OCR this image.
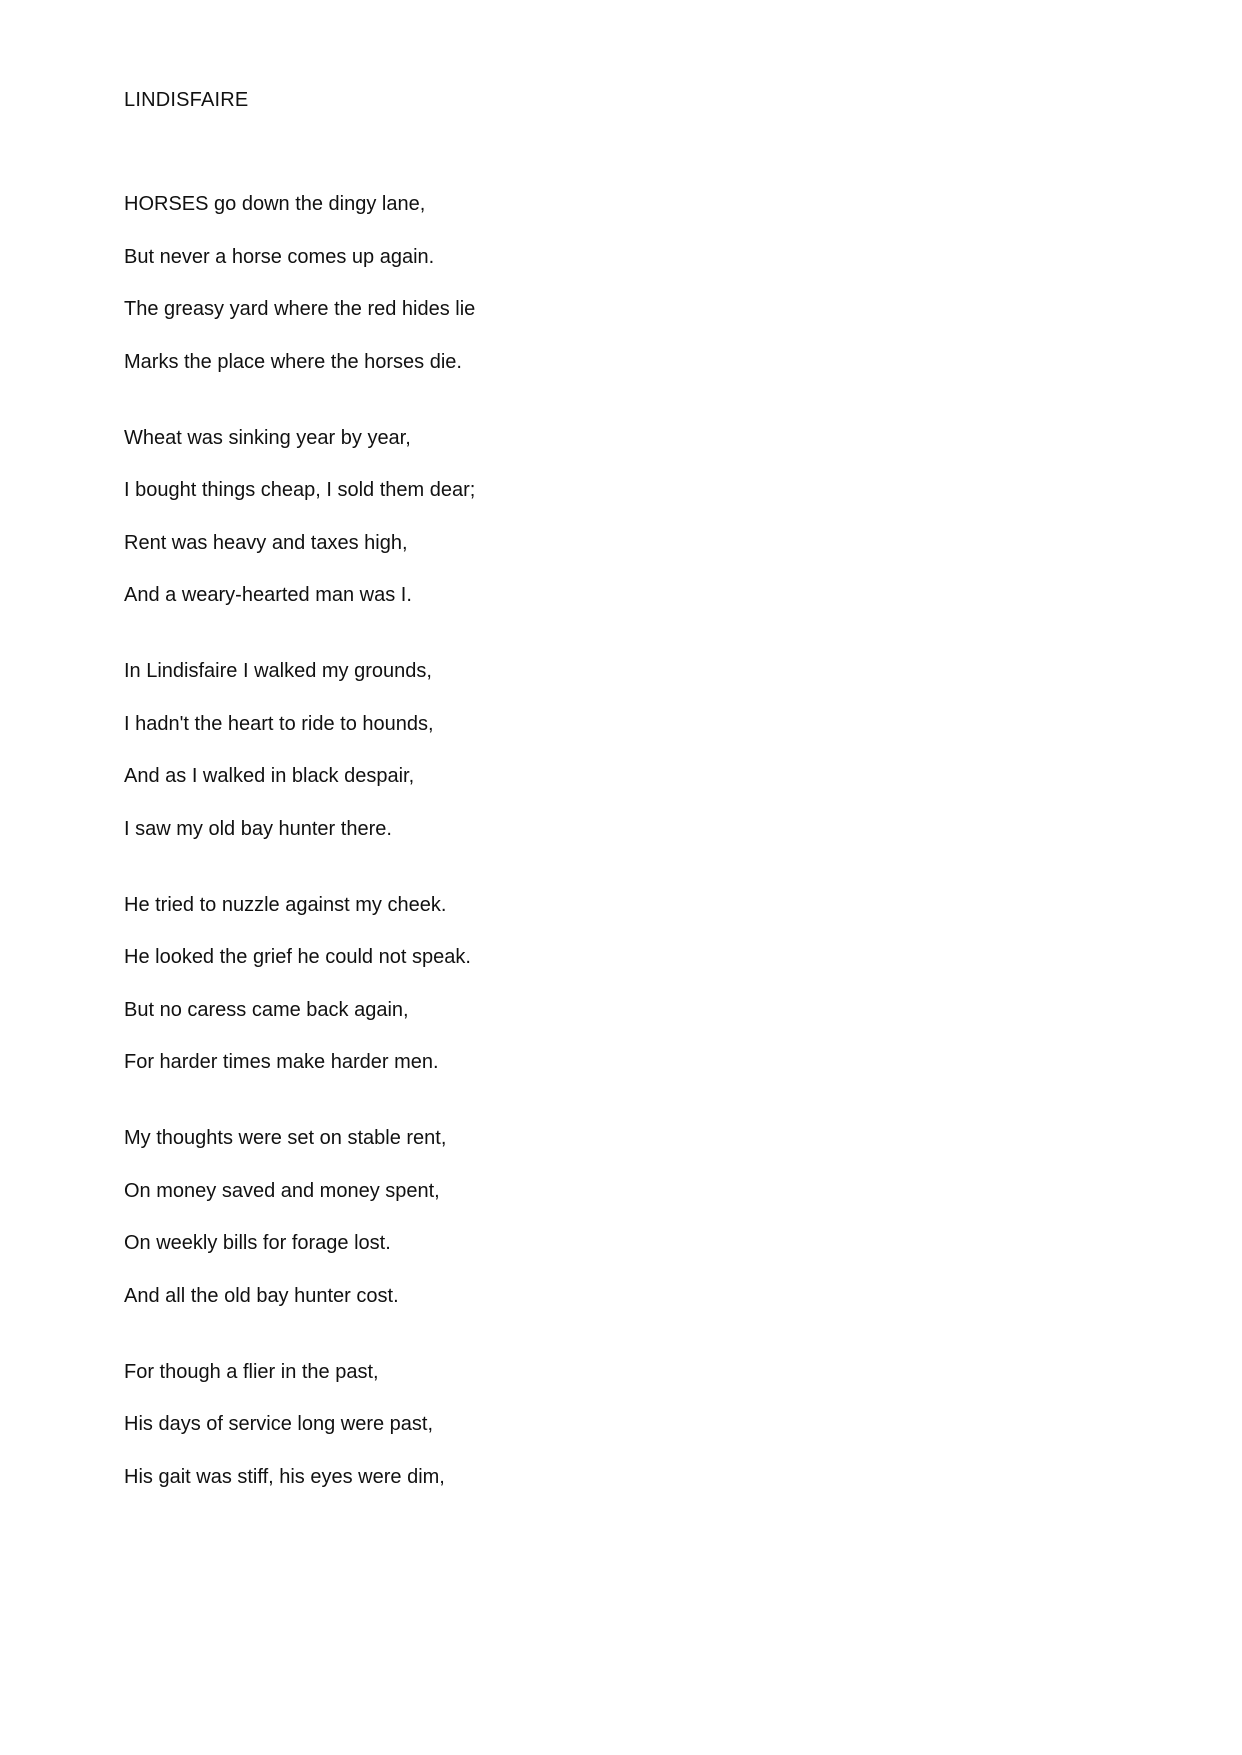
LINDISFAIRE
HORSES go down the dingy lane,
But never a horse comes up again.
The greasy yard where the red hides lie
Marks the place where the horses die.
Wheat was sinking year by year,
I bought things cheap, I sold them dear;
Rent was heavy and taxes high,
And a weary-hearted man was I.
In Lindisfaire I walked my grounds,
I hadn't the heart to ride to hounds,
And as I walked in black despair,
I saw my old bay hunter there.
He tried to nuzzle against my cheek.
He looked the grief he could not speak.
But no caress came back again,
For harder times make harder men.
My thoughts were set on stable rent,
On money saved and money spent,
On weekly bills for forage lost.
And all the old bay hunter cost.
For though a flier in the past,
His days of service long were past,
His gait was stiff, his eyes were dim,
